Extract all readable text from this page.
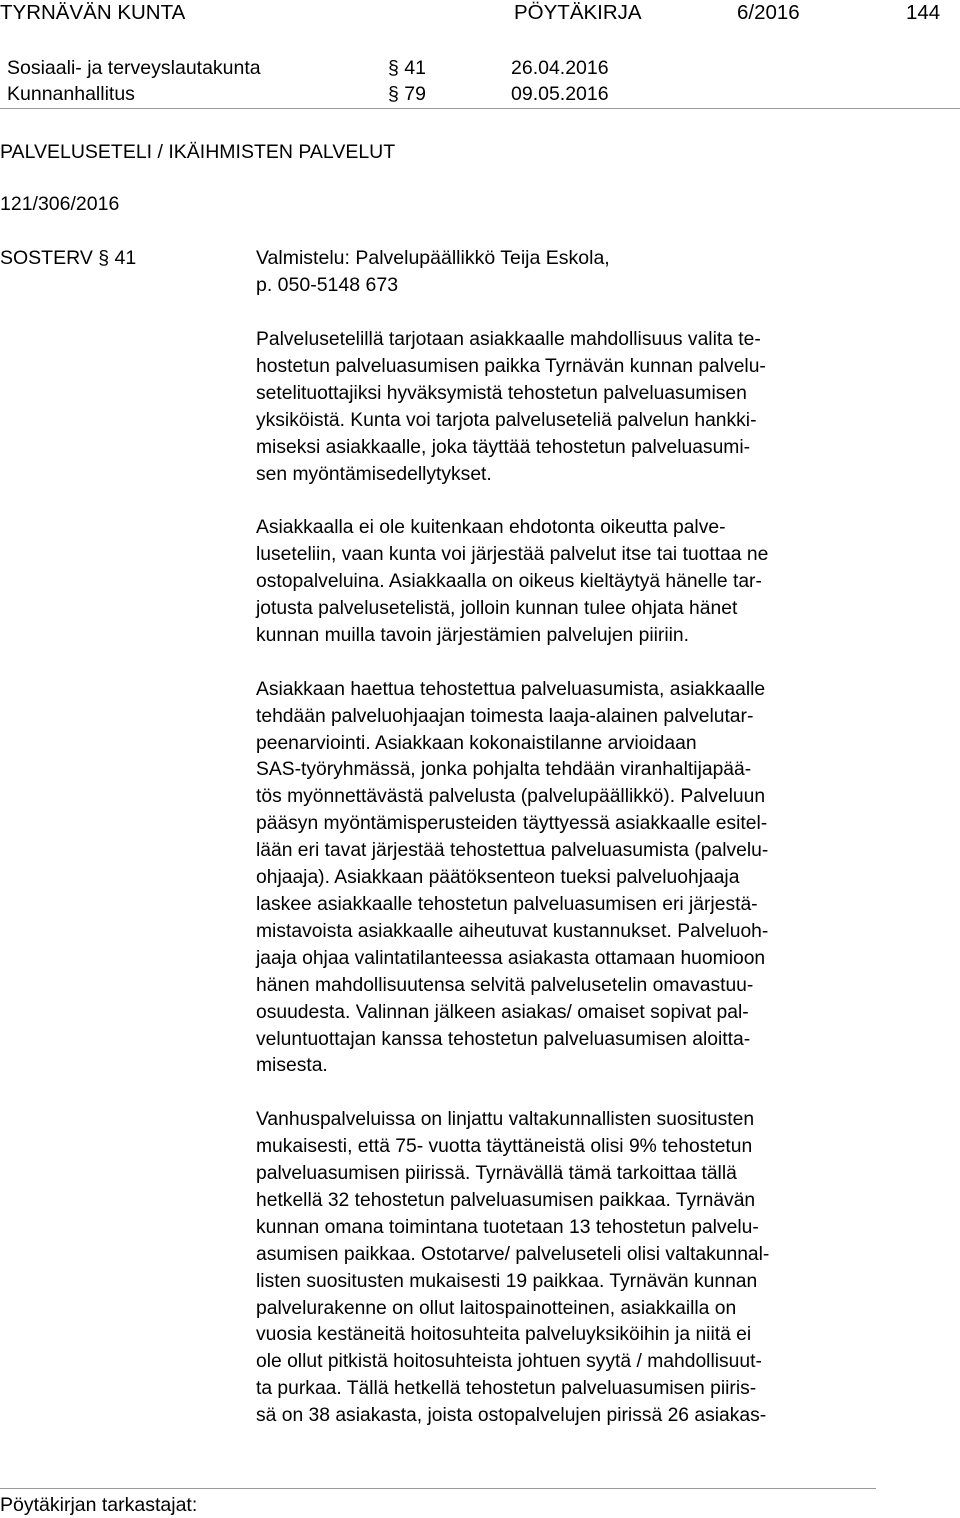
TYRNÄVÄN KUNTA	PÖYTÄKIRJA	6/2016	144
Sosiaali- ja terveyslautakunta	§ 41	26.04.2016
Kunnanhallitus	§ 79	09.05.2016
PALVELUSETELI / IKÄIHMISTEN PALVELUT
121/306/2016
SOSTERV § 41	Valmistelu: Palvelupäällikkö Teija Eskola,
p. 050-5148 673

Palvelusetelillä tarjotaan asiakkaalle mahdollisuus valita te-
hostetun palveluasumisen paikka Tyrnävän kunnan palvelu-
setelituottajiksi hyväksymistä tehostetun palveluasumisen
yksiköistä. Kunta voi tarjota palveluseteliä palvelun hankki-
miseksi asiakkaalle, joka täyttää tehostetun palveluasumi-
sen myöntämisedellytykset.

Asiakkaalla ei ole kuitenkaan ehdotonta oikeutta palve-
luseteliin, vaan kunta voi järjestää palvelut itse tai tuottaa ne
ostopalveluina. Asiakkaalla on oikeus kieltäytyä hänelle tar-
jotusta palvelusetelistä, jolloin kunnan tulee ohjata hänet
kunnan muilla tavoin järjestämien palvelujen piiriin.

Asiakkaan haettua tehostettua palveluasumista, asiakkaalle
tehdään palveluohjaajan toimesta laaja-alainen palvelutar-
peenarviointi. Asiakkaan kokonaistilanne arvioidaan
SAS-työryhmässä, jonka pohjalta tehdään viranhaltijapää-
tös myönnettävästä palvelusta (palvelupäällikkö). Palveluun
pääsyn myöntämisperusteiden täyttyessä asiakkaalle esitel-
lään eri tavat järjestää tehostettua palveluasumista (palvelu-
ohjaaja). Asiakkaan päätöksenteon tueksi palveluohjaaja
laskee asiakkaalle tehostetun palveluasumisen eri järjestä-
mistavoista asiakkaalle aiheutuvat kustannukset. Palveluoh-
jaaja ohjaa valintatilanteessa asiakasta ottamaan huomioon
hänen mahdollisuutensa selvitä palvelusetelin omavastuu-
osuudesta. Valinnan jälkeen asiakas/ omaiset sopivat pal-
veluntuottajan kanssa tehostetun palveluasumisen aloitta-
misesta.

Vanhuspalveluissa on linjattu valtakunnallisten suositusten
mukaisesti, että 75- vuotta täyttäneistä olisi 9% tehostetun
palveluasumisen piirissä. Tyrnävällä tämä tarkoittaa tällä
hetkellä 32 tehostetun palveluasumisen paikkaa. Tyrnävän
kunnan omana toimintana tuotetaan 13 tehostetun palvelu-
asumisen paikkaa. Ostotarve/ palveluseteli olisi valtakunnal-
listen suositusten mukaisesti 19 paikkaa. Tyrnävän kunnan
palvelurakenne on ollut laitospainotteinen, asiakkailla on
vuosia kestäneitä hoitosuhteita palveluyksiköihin ja niitä ei
ole ollut pitkistä hoitosuhteista johtuen syytä / mahdollisuut-
ta purkaa. Tällä hetkellä tehostetun palveluasumisen piiris-
sä on 38 asiakasta, joista ostopalvelujen pirissä 26 asiakas-

Pöytäkirjan tarkastajat:
